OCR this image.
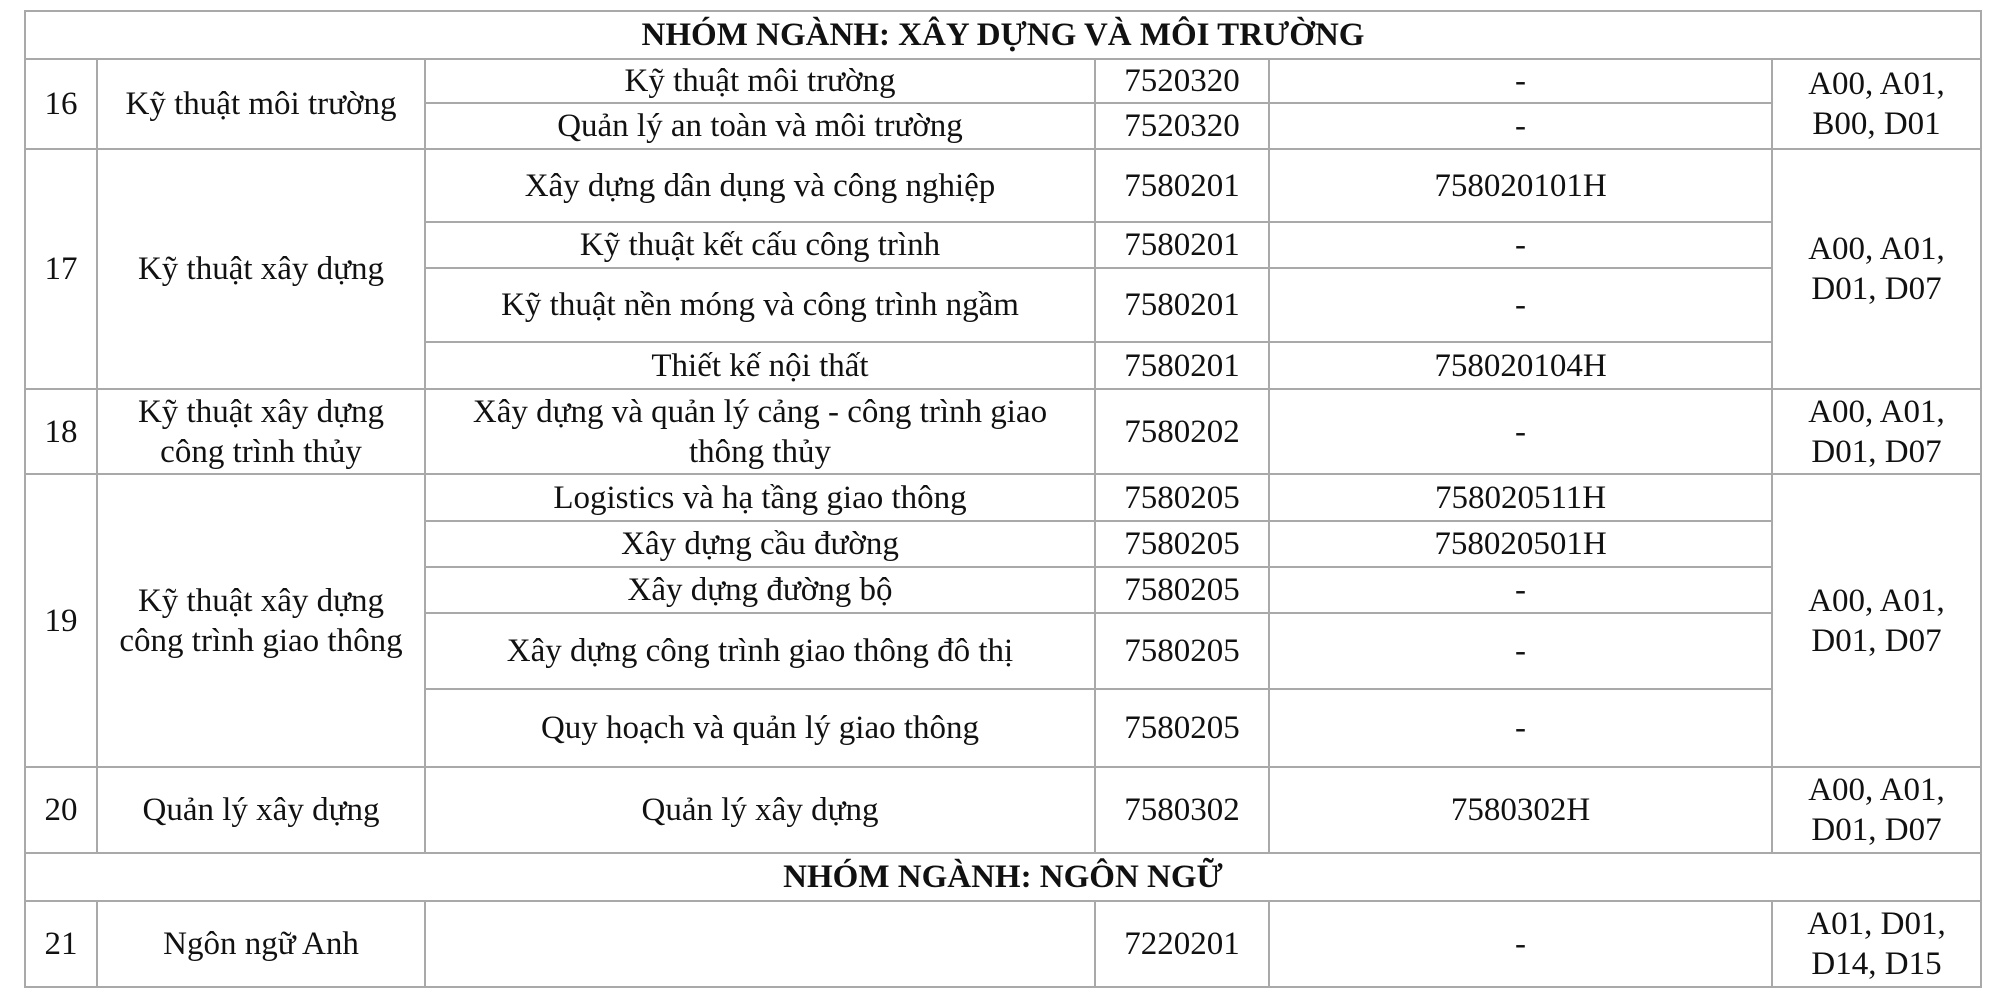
NHÓM NGÀNH: XÂY DỰNG VÀ MÔI TRƯỜNG					
16	Kỹ thuật môi trường	Kỹ thuật môi trường	7520320	-	A00, A01,
B00, D01
		Quản lý an toàn và môi trường	7520320	-	
17	Kỹ thuật xây dựng	Xây dựng dân dụng và công nghiệp	7580201	758020101H	A00, A01,
D01, D07
		Kỹ thuật kết cấu công trình	7580201	-	
		Kỹ thuật nền móng và công trình ngầm	7580201	-	
		Thiết kế nội thất	7580201	758020104H	
18	Kỹ thuật xây dựng
công trình thủy	Xây dựng và quản lý cảng - công trình giao
thông thủy	7580202	-	A00, A01,
D01, D07
19	Kỹ thuật xây dựng
công trình giao thông	Logistics và hạ tầng giao thông	7580205	758020511H	A00, A01,
D01, D07
		Xây dựng cầu đường	7580205	758020501H	
		Xây dựng đường bộ	7580205	-	
		Xây dựng công trình giao thông đô thị	7580205	-	
		Quy hoạch và quản lý giao thông	7580205	-	
20	Quản lý xây dựng	Quản lý xây dựng	7580302	7580302H	A00, A01,
D01, D07
NHÓM NGÀNH: NGÔN NGỮ					
21	Ngôn ngữ Anh		7220201	-	A01, D01,
D14, D15
